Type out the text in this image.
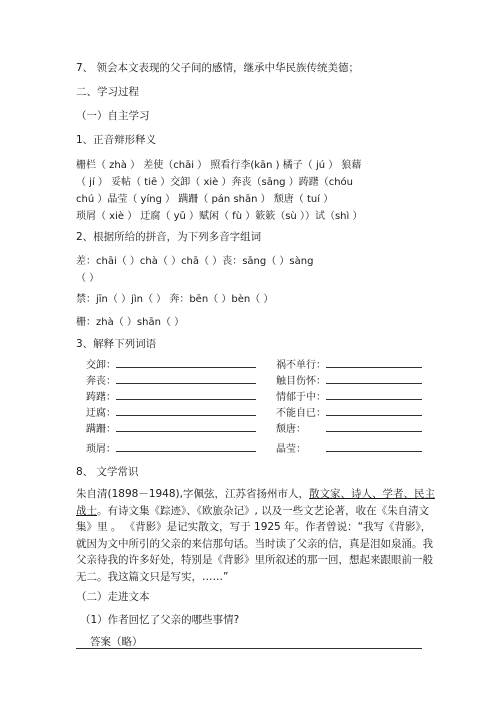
7、 领会本文表现的父子间的感情，继承中华民族传统美德；
二、学习过程
（一）自主学习
1、正音辩形释义
栅栏（ zhà ） 差使（chāi ） 照看行李(kān ) 橘子（ jú ） 狼藉
（ jí ） 妥帖（ tiē ）交卸（ xiè ）奔丧（sāng ）踌躇（chóu
chú ）晶莹（ yíng ） 蹒跚（ pán shān ） 颓唐（ tuí ）
琐屑（ xiè ） 迂腐（ yū ）赋闲（ fù ）簌簌（sù ））试（shì ）
2、根据所给的拼音，为下列多音字组词
差：chāi（ ）chà（ ）chā（ ）丧：sāng（ ）sàng
（ ）
禁：jīn（ ）jìn（ ） 奔：bēn（ ）bèn（ ）
栅：zhà（ ）shān（ ）
3、解释下列词语
交卸：	祸不单行：
奔丧：	触目伤怀：
踌躇：	情郁于中：
迂腐：	不能自已：
蹒跚：	颓唐：
琐屑：	晶莹：
8、 文学常识
朱自清(1898－1948),字佩弦，江苏省扬州市人，散文家、诗人、学者、民主战士。有诗文集《踪迹》、《欧旅杂记》, 以及一些文艺论著，收在《朱自清文集》里 。 《背影》是记实散文，写于 1925 年。作者曾说：“我写《背影》，就因为文中所引的父亲的来信那句话。当时读了父亲的信，真是泪如泉涌。我父亲待我的许多好处，特别是《背影》里所叙述的那一回，想起来跟眼前一般无二。我这篇文只是写实，……”
（二）走进文本
（1）作者回忆了父亲的哪些事情?
答案（略）
